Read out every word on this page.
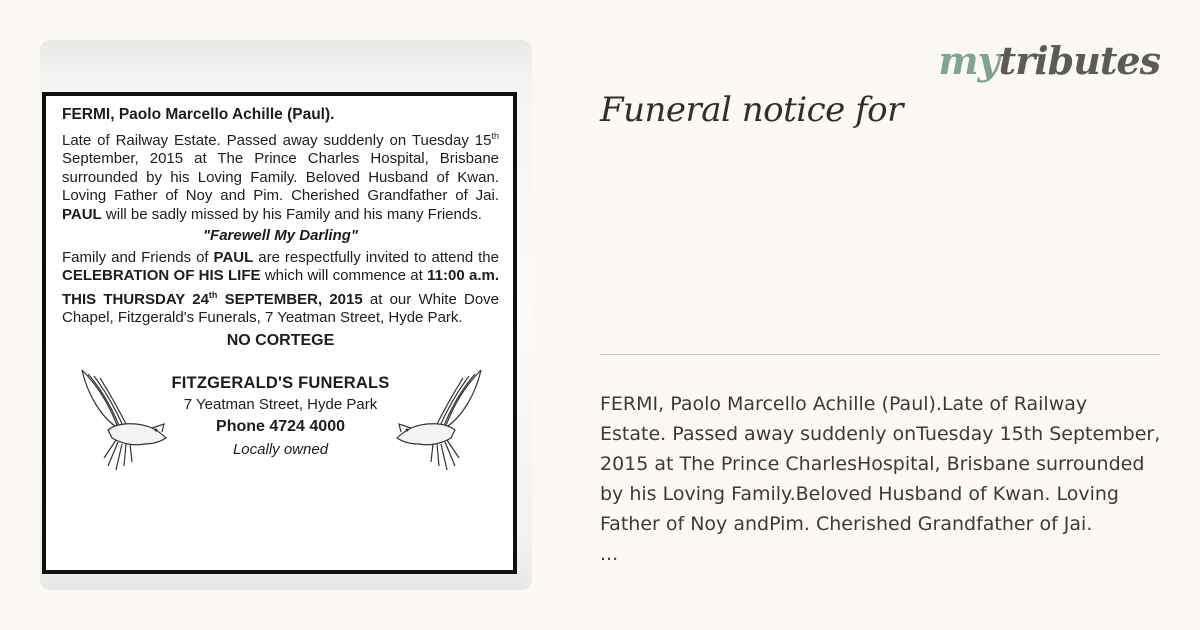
FERMI, Paolo Marcello Achille (Paul).
Late of Railway Estate. Passed away suddenly on Tuesday 15th September, 2015 at The Prince Charles Hospital, Brisbane surrounded by his Loving Family. Beloved Husband of Kwan. Loving Father of Noy and Pim. Cherished Grandfather of Jai. PAUL will be sadly missed by his Family and his many Friends.
"Farewell My Darling"
Family and Friends of PAUL are respectfully invited to attend the CELEBRATION OF HIS LIFE which will commence at 11:00 a.m. THIS THURSDAY 24th SEPTEMBER, 2015 at our White Dove Chapel, Fitzgerald's Funerals, 7 Yeatman Street, Hyde Park.
NO CORTEGE
FITZGERALD'S FUNERALS
7 Yeatman Street, Hyde Park
Phone 4724 4000
Locally owned
mytributes
Funeral notice for

FERMI, Paolo Marcello Achille (Paul).Late of Railway

Estate. Passed away suddenly onTuesday 15th September,

2015 at The Prince CharlesHospital, Brisbane surrounded

by his Loving Family.Beloved Husband of Kwan. Loving

Father of Noy andPim. Cherished Grandfather of Jai.

...
